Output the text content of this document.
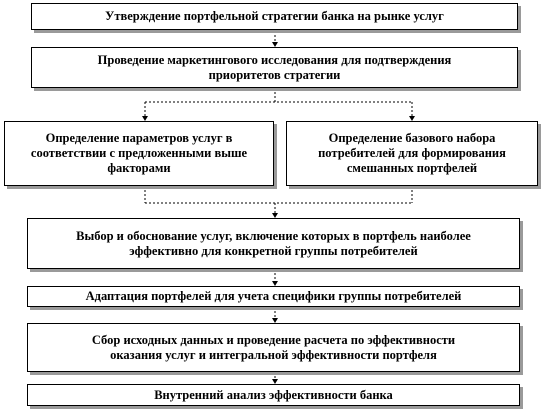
Утверждение портфельной стратегии банка на рынке услуг
Проведение маркетингового исследования для подтверждения
приоритетов стратегии
Определение параметров услуг в
соответствии с предложенными выше
факторами
Определение базового набора
потребителей для формирования
смешанных портфелей
Выбор и обоснование услуг, включение которых в портфель наиболее
эффективно для конкретной группы потребителей
Адаптация портфелей для учета специфики группы потребителей
Сбор исходных данных и проведение расчета по эффективности
оказания услуг и интегральной эффективности портфеля
Внутренний анализ эффективности банка
